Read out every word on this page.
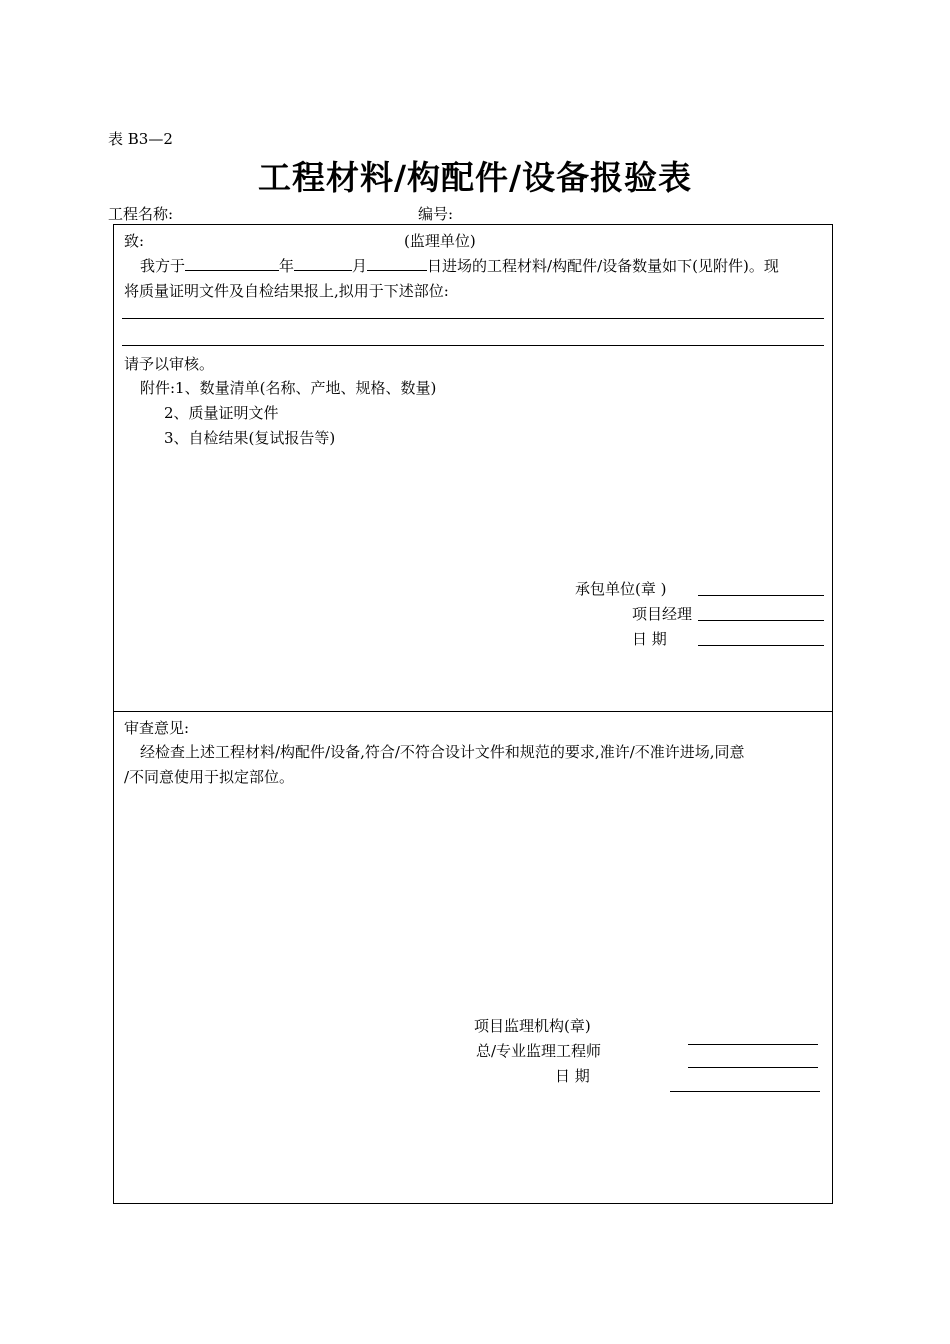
表 B3—2
工程材料/构配件/设备报验表
工程名称:	编号:
致:	(监理单位)
我方于	年	月	日进场的工程材料/构配件/设备数量如下(见附件)。现
将质量证明文件及自检结果报上,拟用于下述部位:
请予以审核。
附件:1、数量清单(名称、产地、规格、数量)
2、质量证明文件
3、自检结果(复试报告等)
承包单位(章 )
项目经理
日 期
审查意见:
经检查上述工程材料/构配件/设备,符合/不符合设计文件和规范的要求,准许/不准许进场,同意
/不同意使用于拟定部位。
项目监理机构(章)
总/专业监理工程师
日 期
